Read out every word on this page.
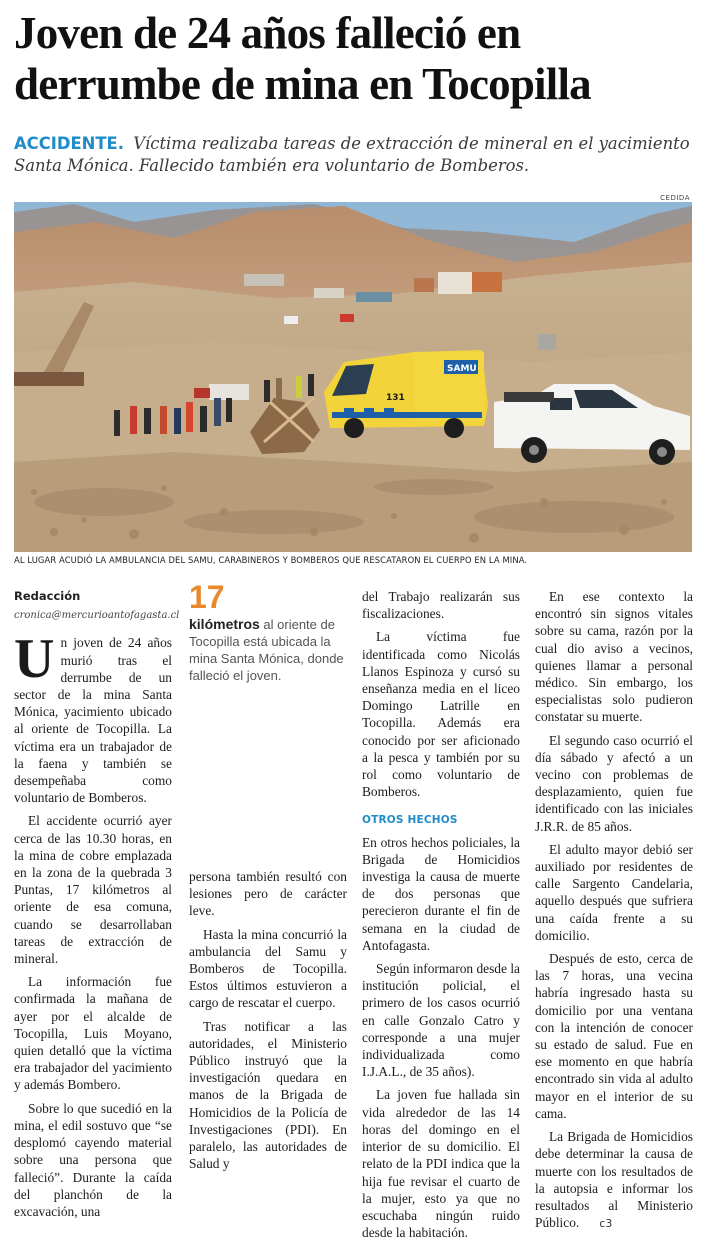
Joven de 24 años falleció en
derrumbe de mina en Tocopilla

ACCIDENTE. Víctima realizaba tareas de extracción de mineral en el yacimiento Santa Mónica. Fallecido también era voluntario de Bomberos.

CEDIDA
SAMU
131
AL LUGAR ACUDIÓ LA AMBULANCIA DEL SAMU, CARABINEROS Y BOMBEROS QUE RESCATARON EL CUERPO EN LA MINA.
Redacción
cronica@mercurioantofagasta.cl

Un joven de 24 años murió tras el derrumbe de un sector de la mina Santa Mónica, yacimiento ubicado al oriente de Tocopilla. La víctima era un trabajador de la faena y también se desempeñaba como voluntario de Bomberos.

El accidente ocurrió ayer cerca de las 10.30 horas, en la mina de cobre emplazada en la zona de la quebrada 3 Puntas, 17 kilómetros al oriente de esa comuna, cuando se desarrollaban tareas de extracción de mineral.

La información fue confirmada la mañana de ayer por el alcalde de Tocopilla, Luis Moyano, quien detalló que la víctima era trabajador del yacimiento y además Bombero.

Sobre lo que sucedió en la mina, el edil sostuvo que “se desplomó cayendo material sobre una persona que falleció”. Durante la caída del planchón de la excavación, una

17
kilómetros al oriente de Tocopilla está ubicada la mina Santa Mónica, donde falleció el joven.

persona también resultó con lesiones pero de carácter leve.

Hasta la mina concurrió la ambulancia del Samu y Bomberos de Tocopilla. Estos últimos estuvieron a cargo de rescatar el cuerpo.

Tras notificar a las autoridades, el Ministerio Público instruyó que la investigación quedara en manos de la Brigada de Homicidios de la Policía de Investigaciones (PDI). En paralelo, las autoridades de Salud y

del Trabajo realizarán sus fiscalizaciones.

La víctima fue identificada como Nicolás Llanos Espinoza y cursó su enseñanza media en el liceo Domingo Latrille en Tocopilla. Además era conocido por ser aficionado a la pesca y también por su rol como voluntario de Bomberos.

OTROS HECHOS

En otros hechos policiales, la Brigada de Homicidios investiga la causa de muerte de dos personas que perecieron durante el fin de semana en la ciudad de Antofagasta.

Según informaron desde la institución policial, el primero de los casos ocurrió en calle Gonzalo Catro y corresponde a una mujer individualizada como I.J.A.L., de 35 años).

La joven fue hallada sin vida alrededor de las 14 horas del domingo en el interior de su domicilio. El relato de la PDI indica que la hija fue revisar el cuarto de la mujer, esto ya que no escuchaba ningún ruido desde la habitación.

En ese contexto la encontró sin signos vitales sobre su cama, razón por la cual dio aviso a vecinos, quienes llamar a personal médico. Sin embargo, los especialistas solo pudieron constatar su muerte.

El segundo caso ocurrió el día sábado y afectó a un vecino con problemas de desplazamiento, quien fue identificado con las iniciales J.R.R. de 85 años.

El adulto mayor debió ser auxiliado por residentes de calle Sargento Candelaria, aquello después que sufriera una caída frente a su domicilio.

Después de esto, cerca de las 7 horas, una vecina habría ingresado hasta su domicilio por una ventana con la intención de conocer su estado de salud. Fue en ese momento en que habría encontrado sin vida al adulto mayor en el interior de su cama.

La Brigada de Homicidios debe determinar la causa de muerte con los resultados de la autopsia e informar los resultados al Ministerio Público. c3
